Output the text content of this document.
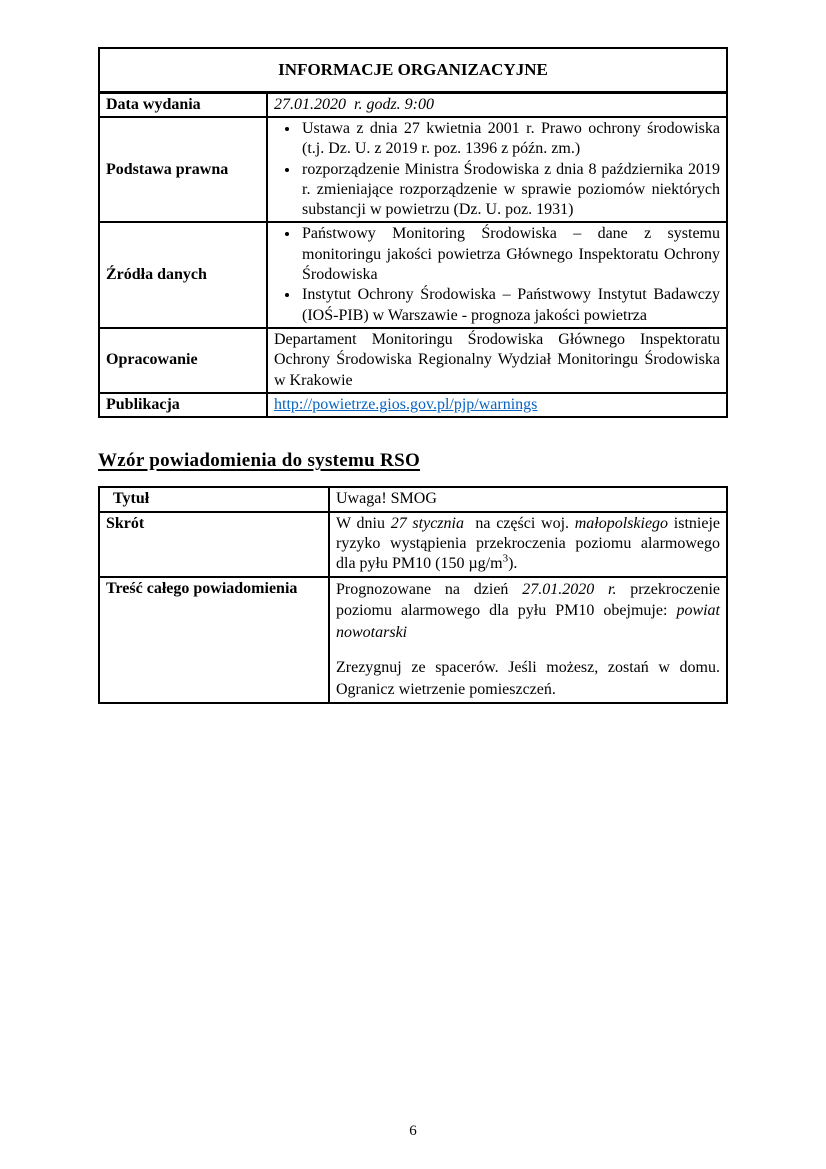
INFORMACJE ORGANIZACYJNE	
Data wydania	27.01.2020  r. godz. 9:00
Podstawa prawna	
• Ustawa z dnia 27 kwietnia 2001 r. Prawo ochrony środowiska (t.j. Dz. U. z 2019 r. poz. 1396 z późn. zm.)
• rozporządzenie Ministra Środowiska z dnia 8 października 2019 r. zmieniające rozporządzenie w sprawie poziomów niektórych substancji w powietrzu (Dz. U. poz. 1931)

Źródła danych	
• Państwowy Monitoring Środowiska – dane z systemu monitoringu jakości powietrza Głównego Inspektoratu Ochrony Środowiska
• Instytut Ochrony Środowiska – Państwowy Instytut Badawczy (IOŚ-PIB) w Warszawie - prognoza jakości powietrza

Opracowanie	Departament Monitoringu Środowiska Głównego Inspektoratu Ochrony Środowiska Regionalny Wydział Monitoringu Środowiska w Krakowie
Publikacja	http://powietrze.gios.gov.pl/pjp/warnings
Wzór powiadomienia do systemu RSO
Tytuł	Uwaga! SMOG
Skrót	W dniu 27 stycznia  na części woj. małopolskiego istnieje ryzyko wystąpienia przekroczenia poziomu alarmowego dla pyłu PM10 (150 $\mu g/m^3$).
Treść całego powiadomienia	Prognozowane na dzień 27.01.2020 r. przekroczenie poziomu alarmowego dla pyłu PM10 obejmuje: powiat nowotarski

Zrezygnuj ze spacerów. Jeśli możesz, zostań w domu. Ogranicz wietrzenie pomieszczeń.

6
